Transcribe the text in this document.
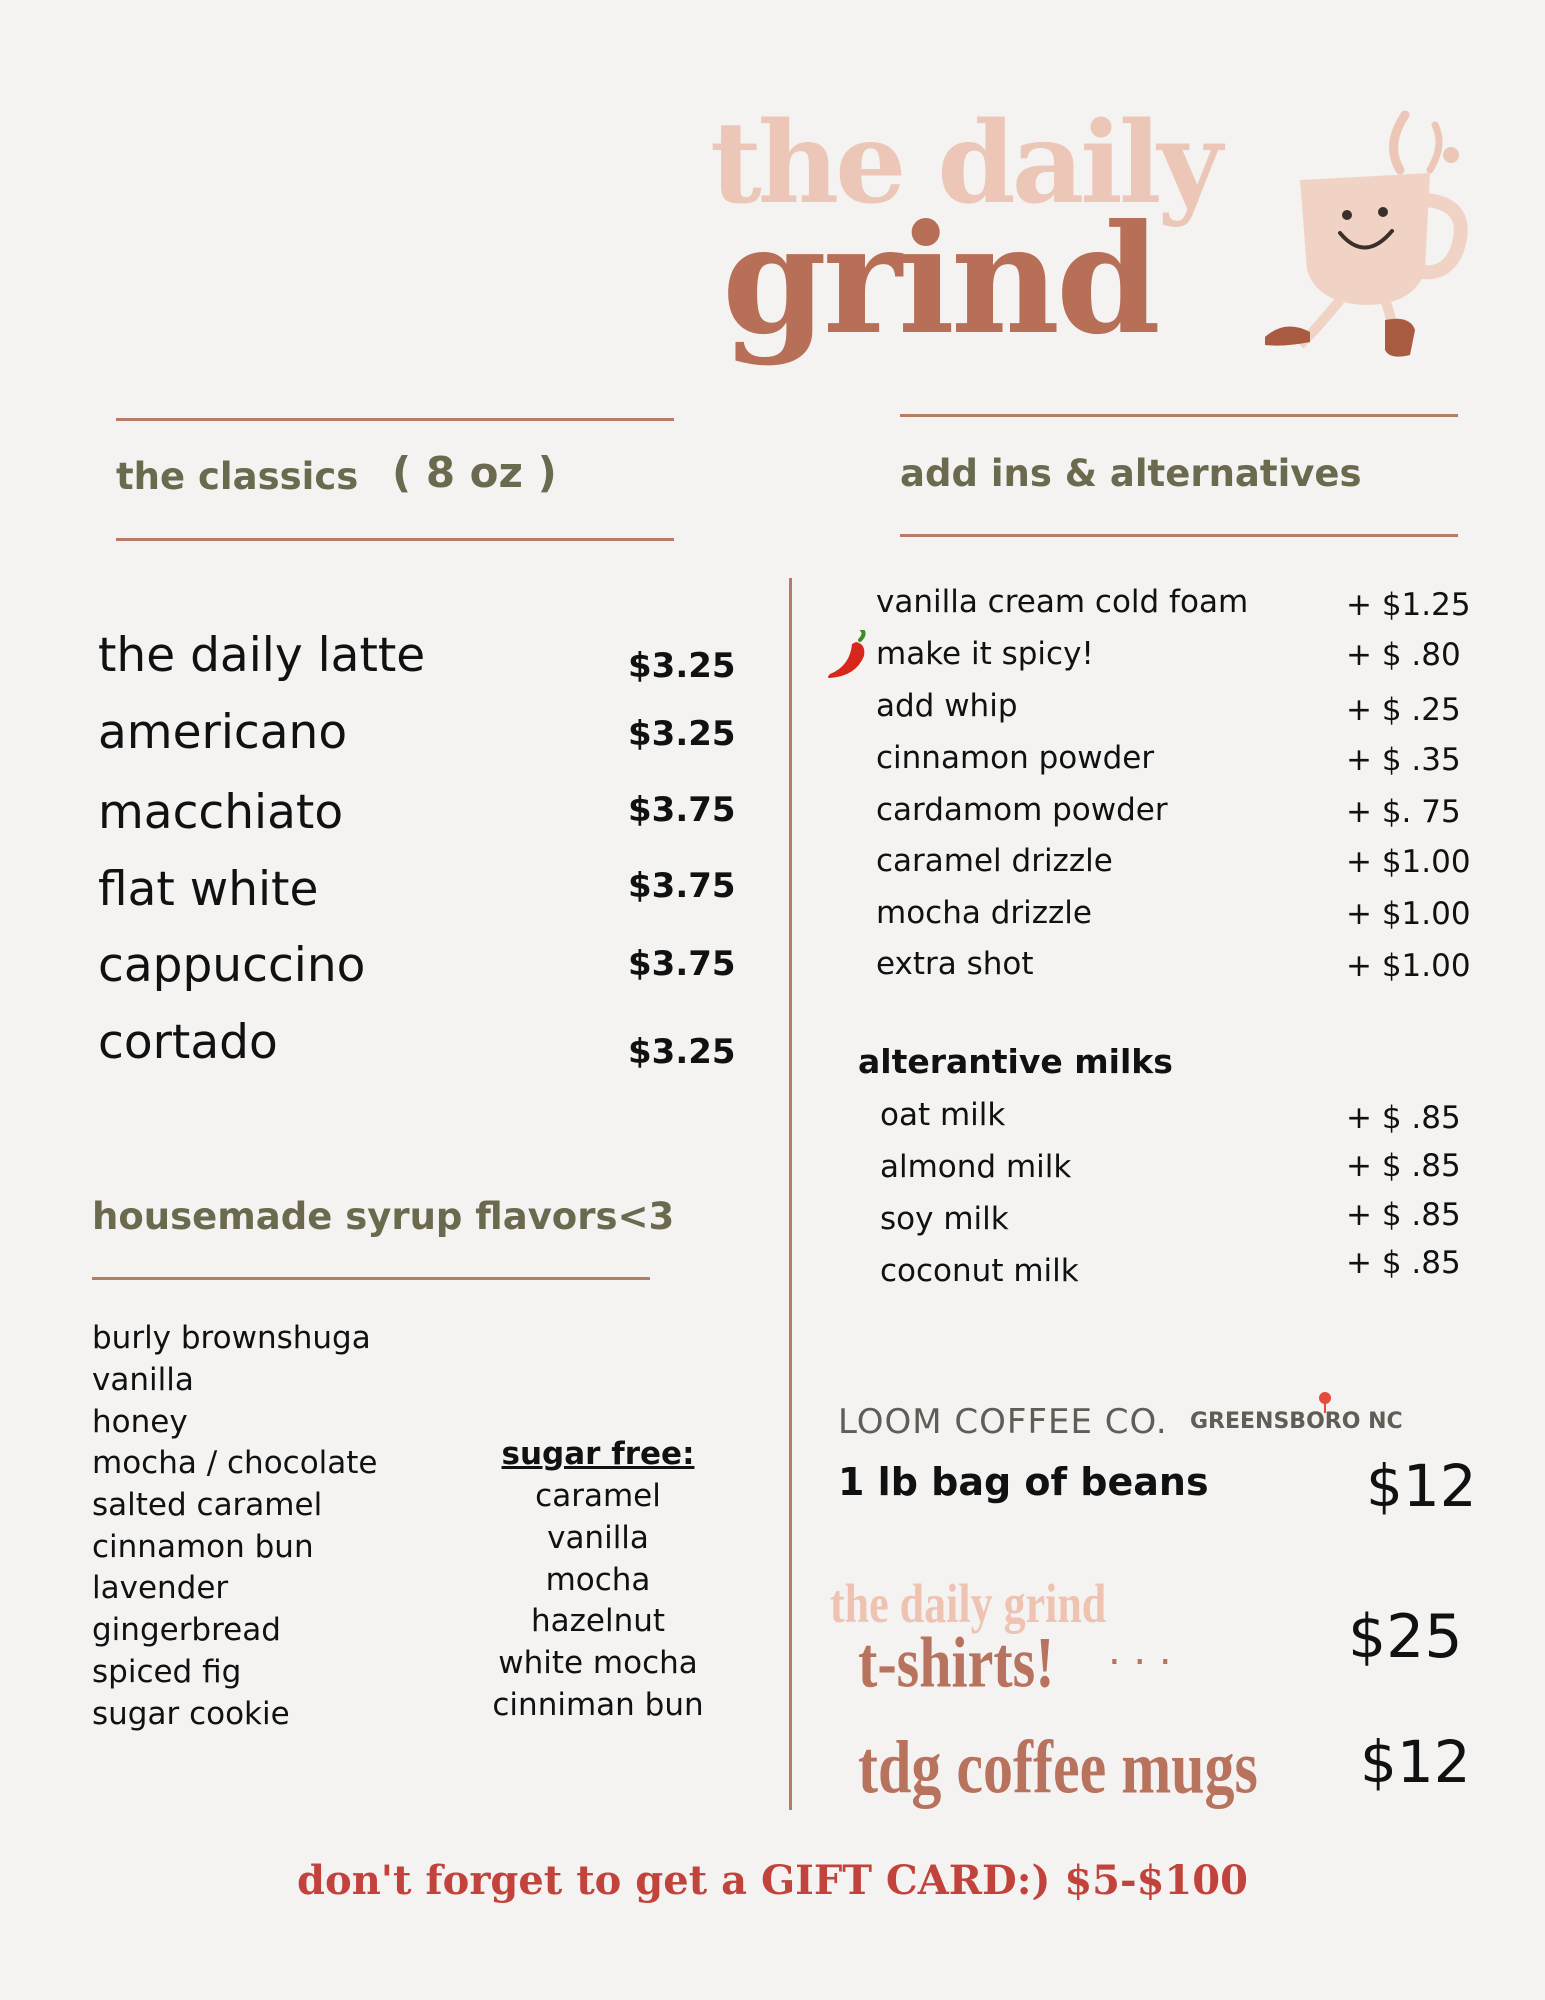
the daily
grind
the classics ( 8 oz )
the daily latte	$3.25
americano	$3.25
macchiato	$3.75
flat white	$3.75
cappuccino	$3.75
cortado	$3.25
housemade syrup flavors<3
burly brownshuga
vanilla
honey
mocha / chocolate
salted caramel
cinnamon bun
lavender
gingerbread
spiced fig
sugar cookie
sugar free:
caramel
vanilla
mocha
hazelnut
white mocha
cinniman bun
add ins & alternatives
vanilla cream cold foam	+ $1.25
make it spicy!	+ $ .80
add whip	+ $ .25
cinnamon powder	+ $ .35
cardamom powder	+ $. 75
caramel drizzle	+ $1.00
mocha drizzle	+ $1.00
extra shot	+ $1.00
alterantive milks
oat milk	+ $ .85
almond milk	+ $ .85
soy milk	+ $ .85
coconut milk	+ $ .85
LOOM COFFEE CO. GREENSBORO NC
1 lb bag of beans	$12
the daily grind
t-shirts! . . .	$25
tdg coffee mugs $12
don't forget to get a GIFT CARD:) $5-$100
